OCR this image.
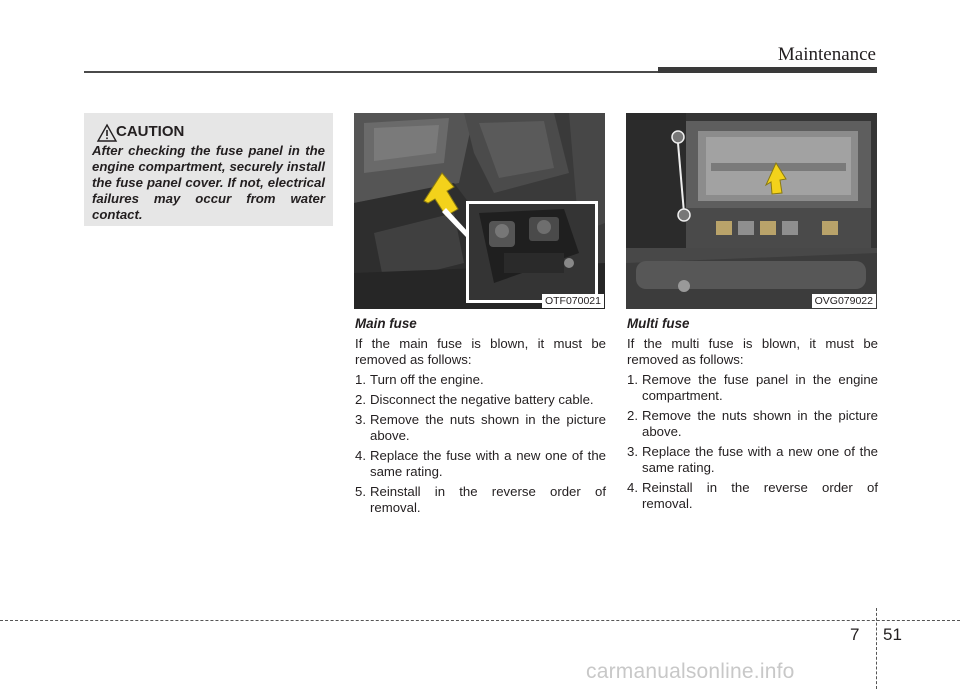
Maintenance
CAUTION
After checking the fuse panel in the engine compartment, securely install the fuse panel cover. If not, electrical failures may occur from water contact.
OTF070021	OVG079022
Main fuse
If the main fuse is blown, it must be removed as follows:
1. Turn off the engine.
2. Disconnect the negative battery cable.
3. Remove the nuts shown in the picture above.
4. Replace the fuse with a new one of the same rating.
5. Reinstall in the reverse order of removal.
Multi fuse
If the multi fuse is blown, it must be removed as follows:
1. Remove the fuse panel in the engine compartment.
2. Remove the nuts shown in the picture above.
3. Replace the fuse with a new one of the same rating.
4. Reinstall in the reverse order of removal.
7 51
carmanualsonline.info
